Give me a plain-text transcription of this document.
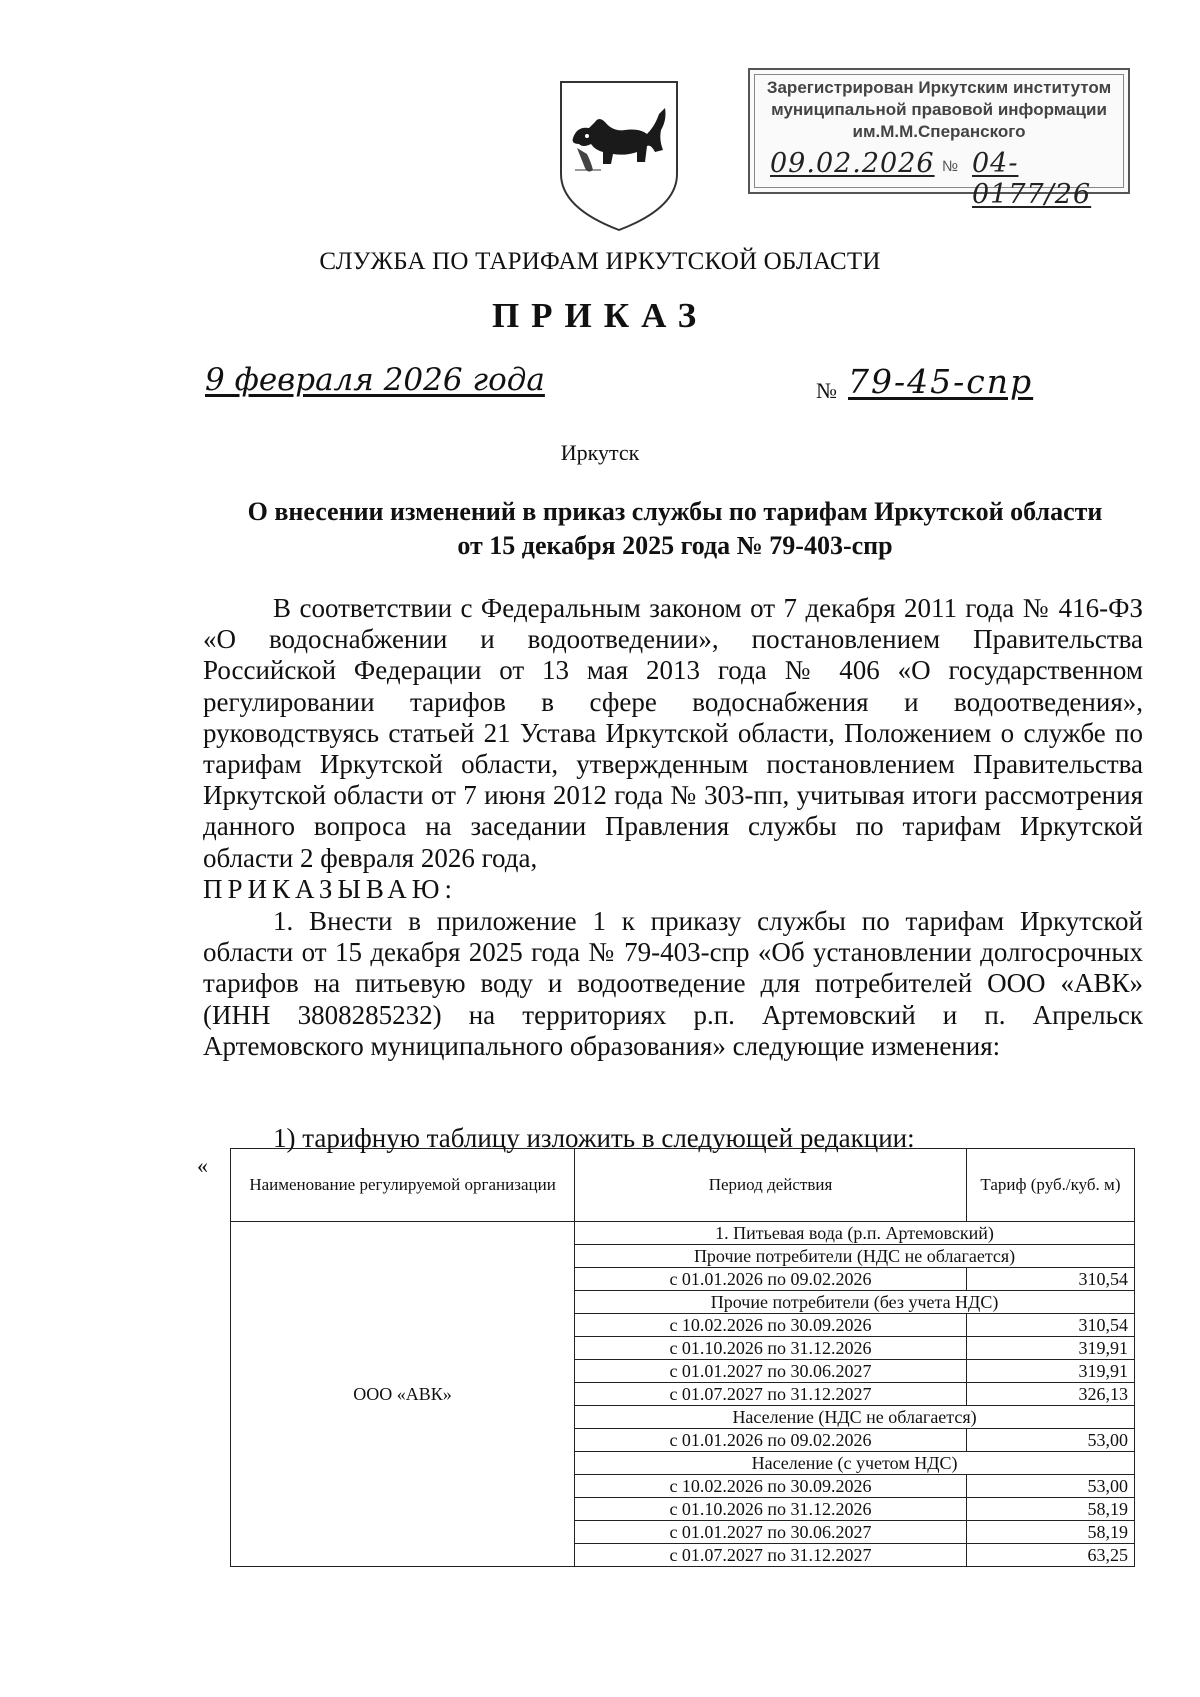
Зарегистрирован Иркутским институтом
муниципальной правовой информации
им.М.М.Сперанского
09.02.2026 № 04-0177/26
СЛУЖБА ПО ТАРИФАМ ИРКУТСКОЙ ОБЛАСТИ
ПРИКАЗ
9 февраля 2026 года	№ 79-45-спр
Иркутск
О внесении изменений в приказ службы по тарифам Иркутской области
от 15 декабря 2025 года № 79-403-спр
В соответствии с Федеральным законом от 7 декабря 2011 года № 416-ФЗ «О водоснабжении и водоотведении», постановлением Правительства Российской Федерации от 13 мая 2013 года № 406 «О государственном регулировании тарифов в сфере водоснабжения и водоотведения», руководствуясь статьей 21 Устава Иркутской области, Положением о службе по тарифам Иркутской области, утвержденным постановлением Правительства Иркутской области от 7 июня 2012 года № 303-пп, учитывая итоги рассмотрения данного вопроса на заседании Правления службы по тарифам Иркутской области 2 февраля 2026 года,
ПРИКАЗЫВАЮ:
1. Внести в приложение 1 к приказу службы по тарифам Иркутской области от 15 декабря 2025 года № 79-403-спр «Об установлении долгосрочных тарифов на питьевую воду и водоотведение для потребителей ООО «АВК» (ИНН 3808285232) на территориях р.п. Артемовский и п. Апрельск Артемовского муниципального образования» следующие изменения:
1) тарифную таблицу изложить в следующей редакции:
«
Наименование регулируемой организации	Период действия	Тариф (руб./куб. м)
ООО «АВК»	1. Питьевая вода (р.п. Артемовский)	
	Прочие потребители (НДС не облагается)	
	с 01.01.2026 по 09.02.2026	310,54
	Прочие потребители (без учета НДС)	
	с 10.02.2026 по 30.09.2026	310,54
	с 01.10.2026 по 31.12.2026	319,91
	с 01.01.2027 по 30.06.2027	319,91
	с 01.07.2027 по 31.12.2027	326,13
	Население (НДС не облагается)	
	с 01.01.2026 по 09.02.2026	53,00
	Население (с учетом НДС)	
	с 10.02.2026 по 30.09.2026	53,00
	с 01.10.2026 по 31.12.2026	58,19
	с 01.01.2027 по 30.06.2027	58,19
	с 01.07.2027 по 31.12.2027	63,25
